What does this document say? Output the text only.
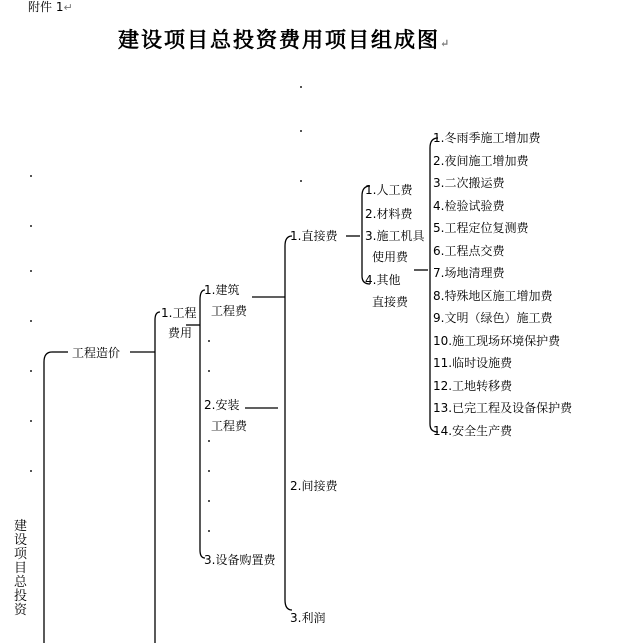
附件 1↵
建设项目总投资费用项目组成图↵
建设项目总投资
工程造价
1.工程
费用
1.建筑
工程费
2.安装
工程费
3.设备购置费
1.直接费
2.间接费
3.利润
1.人工费
2.材料费
3.施工机具
使用费
4.其他
直接费
1.冬雨季施工增加费
2.夜间施工增加费
3.二次搬运费
4.检验试验费
5.工程定位复测费
6.工程点交费
7.场地清理费
8.特殊地区施工增加费
9.文明（绿色）施工费
10.施工现场环境保护费
11.临时设施费
12.工地转移费
13.已完工程及设备保护费
14.安全生产费
